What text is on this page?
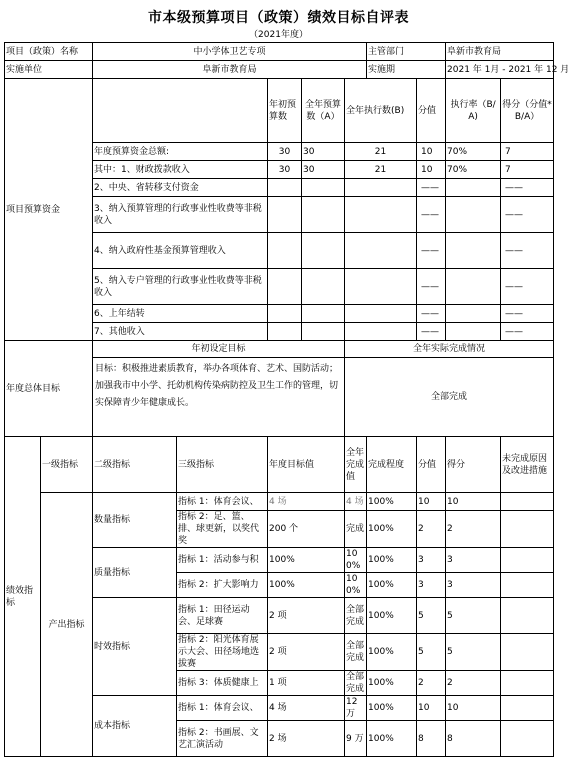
市本级预算项目（政策）绩效目标自评表
（2021年度）
项目（政策）名称		中小学体卫艺专项					主管部门		阜新市教育局	
实施单位		阜新市教育局					实施期		2021 年 1月 - 2021 年 12 月	
项目预算资金				年初预算数	全年预算数（A）	全年执行数(B)		分值	执行率（B/A)	得分（分值*B/A）
		年度预算资金总额:		30	30	21		10	70%	7
		其中：1、财政拨款收入		30	30	21		10	70%	7
		2、中央、省转移支付资金						——		——
		3、纳入预算管理的行政事业性收费等非税收入						——		——
		4、纳入政府性基金预算管理收入						——		——
		5、纳入专户管理的行政事业性收费等非税收入						——		——
		6、上年结转						——		——
		7、其他收入						——		——
年度总体目标		年初设定目标				全年实际完成情况				
		目标：积极推进素质教育，举办各项体育、艺术、国防活动；加强我市中小学、托幼机构传染病防控及卫生工作的管理，切实保障青少年健康成长。				全部完成				
绩效指标	一级指标	二级指标	三级指标	年度目标值		全年完成值	完成程度	分值	得分	未完成原因及改进措施
	产出指标	数量指标	指标 1：体育会议、	4 场		4 场	100%	10	10	
			指标 2：足、篮、排、球更新，以奖代奖	200 个		完成	100%	2	2	
		质量指标	指标 1：活动参与积	100%		100%	100%	3	3	
			指标 2：扩大影响力	100%		100%	100%	3	3	
		时效指标	指标 1：田径运动会、足球赛	2 项		全部完成	100%	5	5	
			指标 2：阳光体育展示大会、田径场地选拔赛	2 项		全部完成	100%	5	5	
			指标 3：体质健康上	1 项		全部完成	100%	2	2	
		成本指标	指标 1：体育会议、	4 场		12 万	100%	10	10	
			指标 2：书画展、文艺汇演活动	2 场		9 万	100%	8	8	
